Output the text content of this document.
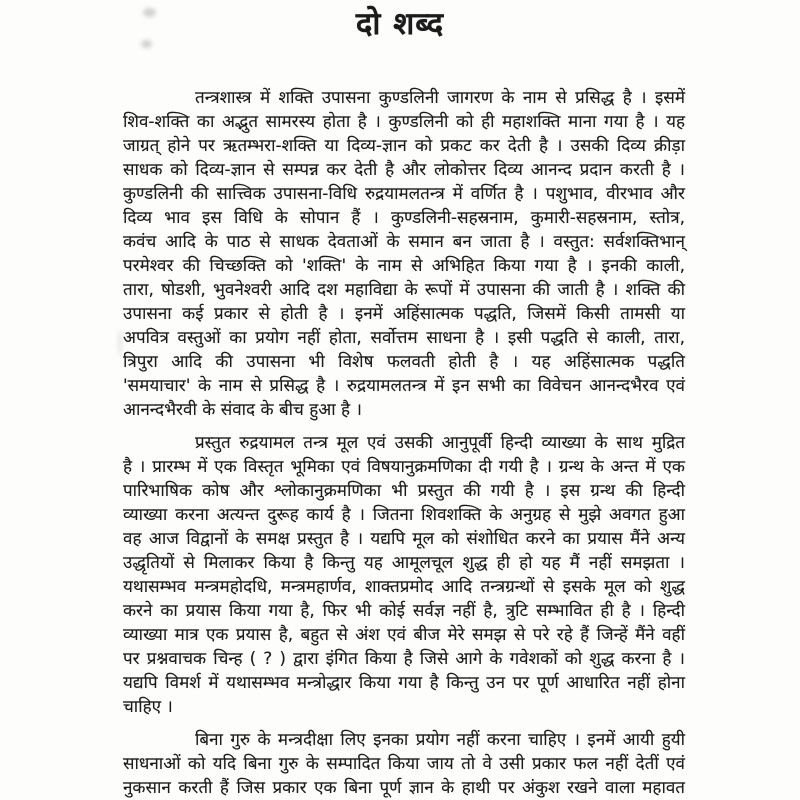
दो शब्द
तन्त्रशास्त्र में शक्ति उपासना कुण्डलिनी जागरण के नाम से प्रसिद्ध है । इसमें
शिव-शक्ति का अद्भुत सामरस्य होता है । कुण्डलिनी को ही महाशक्ति माना गया है । यह
जाग्रत् होने पर ऋतम्भरा-शक्ति या दिव्य-ज्ञान को प्रकट कर देती है । उसकी दिव्य क्रीड़ा
साधक को दिव्य-ज्ञान से सम्पन्न कर देती है और लोकोत्तर दिव्य आनन्द प्रदान करती है ।
कुण्डलिनी की सात्त्विक उपासना-विधि रुद्रयामलतन्त्र में वर्णित है । पशुभाव, वीरभाव और
दिव्य भाव इस विधि के सोपान हैं । कुण्डलिनी-सहस्रनाम, कुमारी-सहस्रनाम, स्तोत्र,
कवंच आदि के पाठ से साधक देवताओं के समान बन जाता है । वस्तुत: सर्वशक्तिभान्
परमेश्वर की चिच्छक्ति को 'शक्ति' के नाम से अभिहित किया गया है । इनकी काली,
तारा, षोडशी, भुवनेश्वरी आदि दश महाविद्या के रूपों में उपासना की जाती है । शक्ति की
उपासना कई प्रकार से होती है । इनमें अहिंसात्मक पद्धति, जिसमें किसी तामसी या
अपवित्र वस्तुओं का प्रयोग नहीं होता, सर्वोत्तम साधना है । इसी पद्धति से काली, तारा,
त्रिपुरा आदि की उपासना भी विशेष फलवती होती है । यह अहिंसात्मक पद्धति
'समयाचार' के नाम से प्रसिद्ध है । रुद्रयामलतन्त्र में इन सभी का विवेचन आनन्दभैरव एवं
आनन्दभैरवी के संवाद के बीच हुआ है ।
प्रस्तुत रुद्रयामल तन्त्र मूल एवं उसकी आनुपूर्वी हिन्दी व्याख्या के साथ मुद्रित
है । प्रारम्भ में एक विस्तृत भूमिका एवं विषयानुक्रमणिका दी गयी है । ग्रन्थ के अन्त में एक
पारिभाषिक कोष और श्लोकानुक्रमणिका भी प्रस्तुत की गयी है । इस ग्रन्थ की हिन्दी
व्याख्या करना अत्यन्त दुरूह कार्य है । जितना शिवशक्ति के अनुग्रह से मुझे अवगत हुआ
वह आज विद्वानों के समक्ष प्रस्तुत है । यद्यपि मूल को संशोधित करने का प्रयास मैंने अन्य
उद्धृतियों से मिलाकर किया है किन्तु यह आमूलचूल शुद्ध ही हो यह मैं नहीं समझता ।
यथासम्भव मन्त्रमहोदधि, मन्त्रमहार्णव, शाक्तप्रमोद आदि तन्त्रग्रन्थों से इसके मूल को शुद्ध
करने का प्रयास किया गया है, फिर भी कोई सर्वज्ञ नहीं है, त्रुटि सम्भावित ही है । हिन्दी
व्याख्या मात्र एक प्रयास है, बहुत से अंश एवं बीज मेरे समझ से परे रहे हैं जिन्हें मैंने वहीं
पर प्रश्नवाचक चिन्ह ( ? ) द्वारा इंगित किया है जिसे आगे के गवेशकों को शुद्ध करना है ।
यद्यपि विमर्श में यथासम्भव मन्त्रोद्धार किया गया है किन्तु उन पर पूर्ण आधारित नहीं होना
चाहिए ।
बिना गुरु के मन्त्रदीक्षा लिए इनका प्रयोग नहीं करना चाहिए । इनमें आयी हुयी
साधनाओं को यदि बिना गुरु के सम्पादित किया जाय तो वे उसी प्रकार फल नहीं देतीं एवं
नुकसान करती हैं जिस प्रकार एक बिना पूर्ण ज्ञान के हाथी पर अंकुश रखने वाला महावत
